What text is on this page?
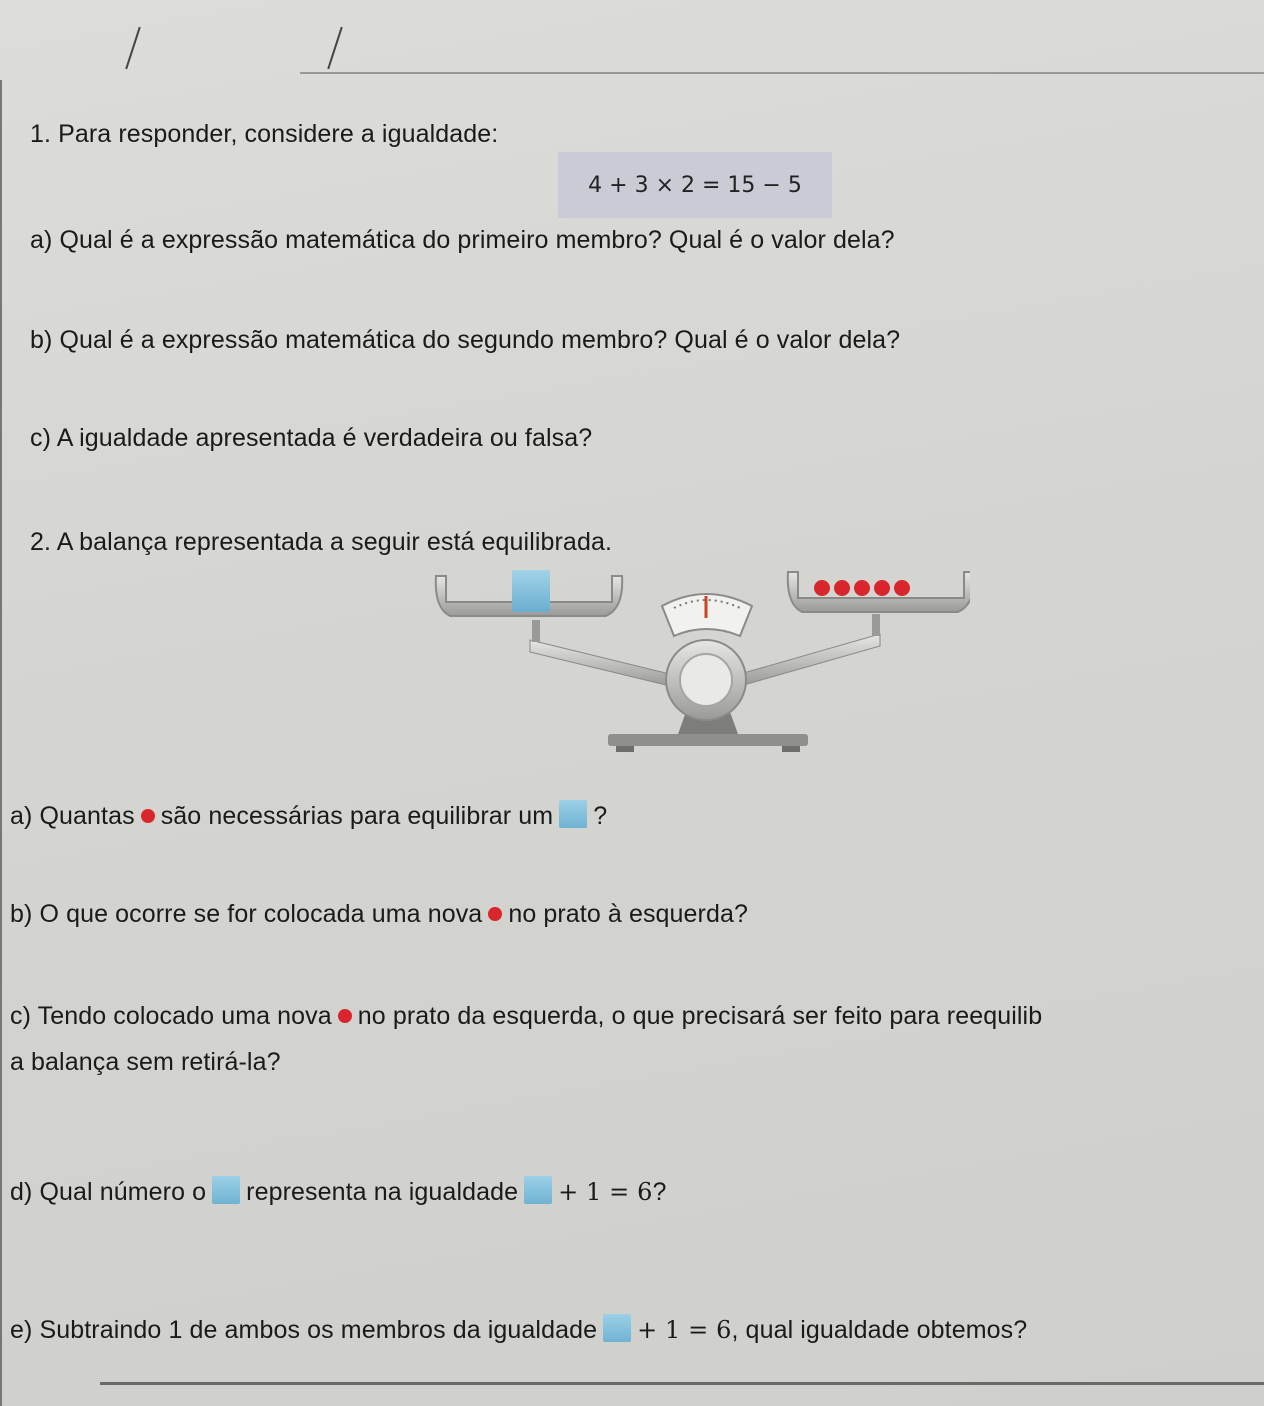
1. Para responder, considere a igualdade:
4 + 3 × 2 = 15 − 5
a) Qual é a expressão matemática do primeiro membro? Qual é o valor dela?
b) Qual é a expressão matemática do segundo membro? Qual é o valor dela?
c) A igualdade apresentada é verdadeira ou falsa?
2. A balança representada a seguir está equilibrada.
a) Quantas são necessárias para equilibrar um ?
b) O que ocorre se for colocada uma nova no prato à esquerda?
c) Tendo colocado uma nova no prato da esquerda, o que precisará ser feito para reequilib
a balança sem retirá-la?
d) Qual número o representa na igualdade + 1 = 6?
e) Subtraindo 1 de ambos os membros da igualdade + 1 = 6, qual igualdade obtemos?
